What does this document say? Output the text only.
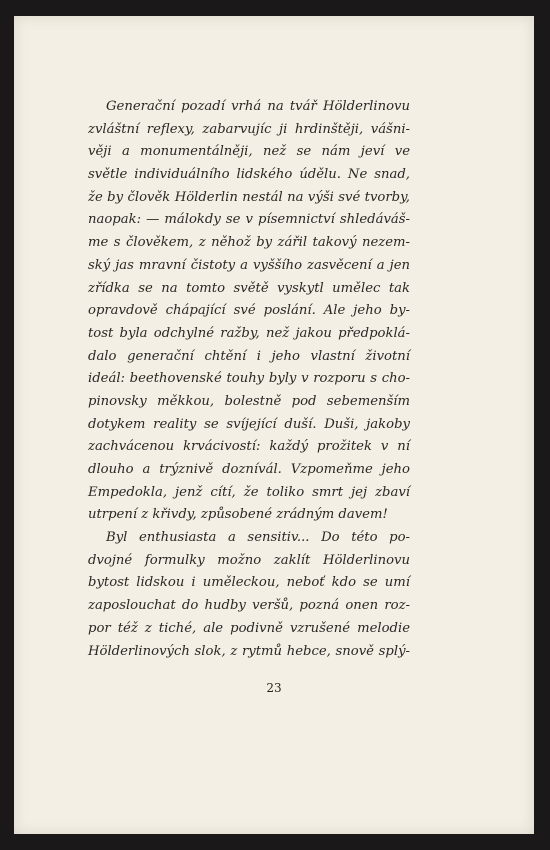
Generační pozadí vrhá na tvář Hölderlinovu
zvláštní reflexy, zabarvujíc ji hrdinštěji, vášni-
věji a monumentálněji, než se nám jeví ve
světle individuálního lidského údělu. Ne snad,
že by člověk Hölderlin nestál na výši své tvorby,
naopak: — málokdy se v písemnictví shledáváš-
me s člověkem, z něhož by zářil takový nezem-
ský jas mravní čistoty a vyššího zasvěcení a jen
zřídka se na tomto světě vyskytl umělec tak
opravdově chápající své poslání. Ale jeho by-
tost byla odchylné ražby, než jakou předpoklá-
dalo generační chtění i jeho vlastní životní
ideál: beethovenské touhy byly v rozporu s cho-
pinovsky měkkou, bolestně pod sebemenším
dotykem reality se svíjející duší. Duši, jakoby
zachvácenou krvácivostí: každý prožitek v ní
dlouho a trýznivě doznívál. Vzpomeňme jeho
Empedokla, jenž cítí, že toliko smrt jej zbaví
utrpení z křivdy, způsobené zrádným davem!
Byl enthusiasta a sensitiv... Do této po-
dvojné formulky možno zaklít Hölderlinovu
bytost lidskou i uměleckou, neboť kdo se umí
zaposlouchat do hudby veršů, pozná onen roz-
por též z tiché, ale podivně vzrušené melodie
Hölderlinových slok, z rytmů hebce, snově splý-
23
